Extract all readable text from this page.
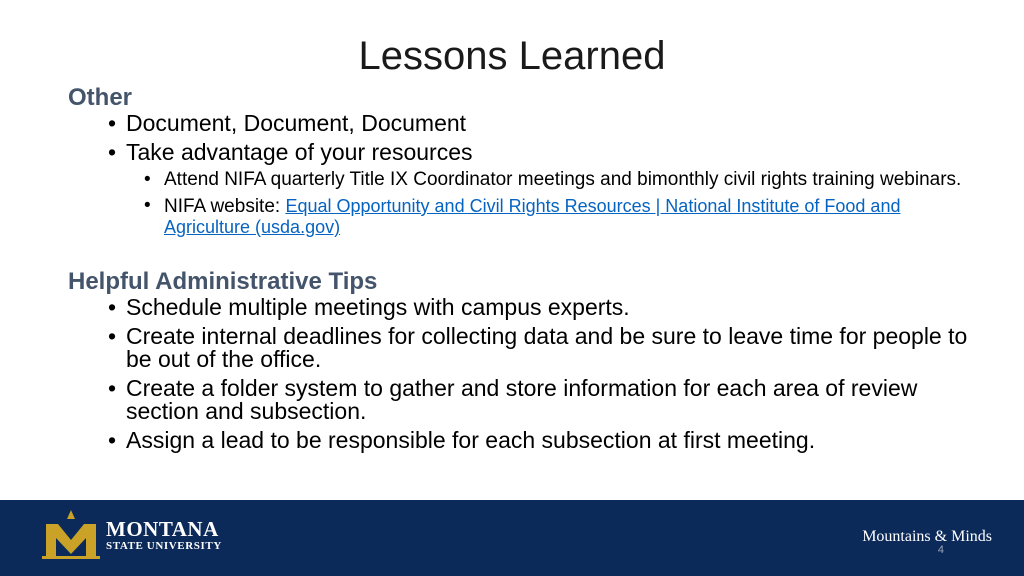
Lessons Learned
Other
• Document, Document, Document
• Take advantage of your resources
• Attend NIFA quarterly Title IX Coordinator meetings and bimonthly civil rights training webinars.
• NIFA website: Equal Opportunity and Civil Rights Resources | National Institute of Food and Agriculture (usda.gov)
Helpful Administrative Tips
• Schedule multiple meetings with campus experts.
• Create internal deadlines for collecting data and be sure to leave time for people to be out of the office.
• Create a folder system to gather and store information for each area of review section and subsection.
• Assign a lead to be responsible for each subsection at first meeting.
MONTANA
STATE UNIVERSITY
Mountains & Minds
4
